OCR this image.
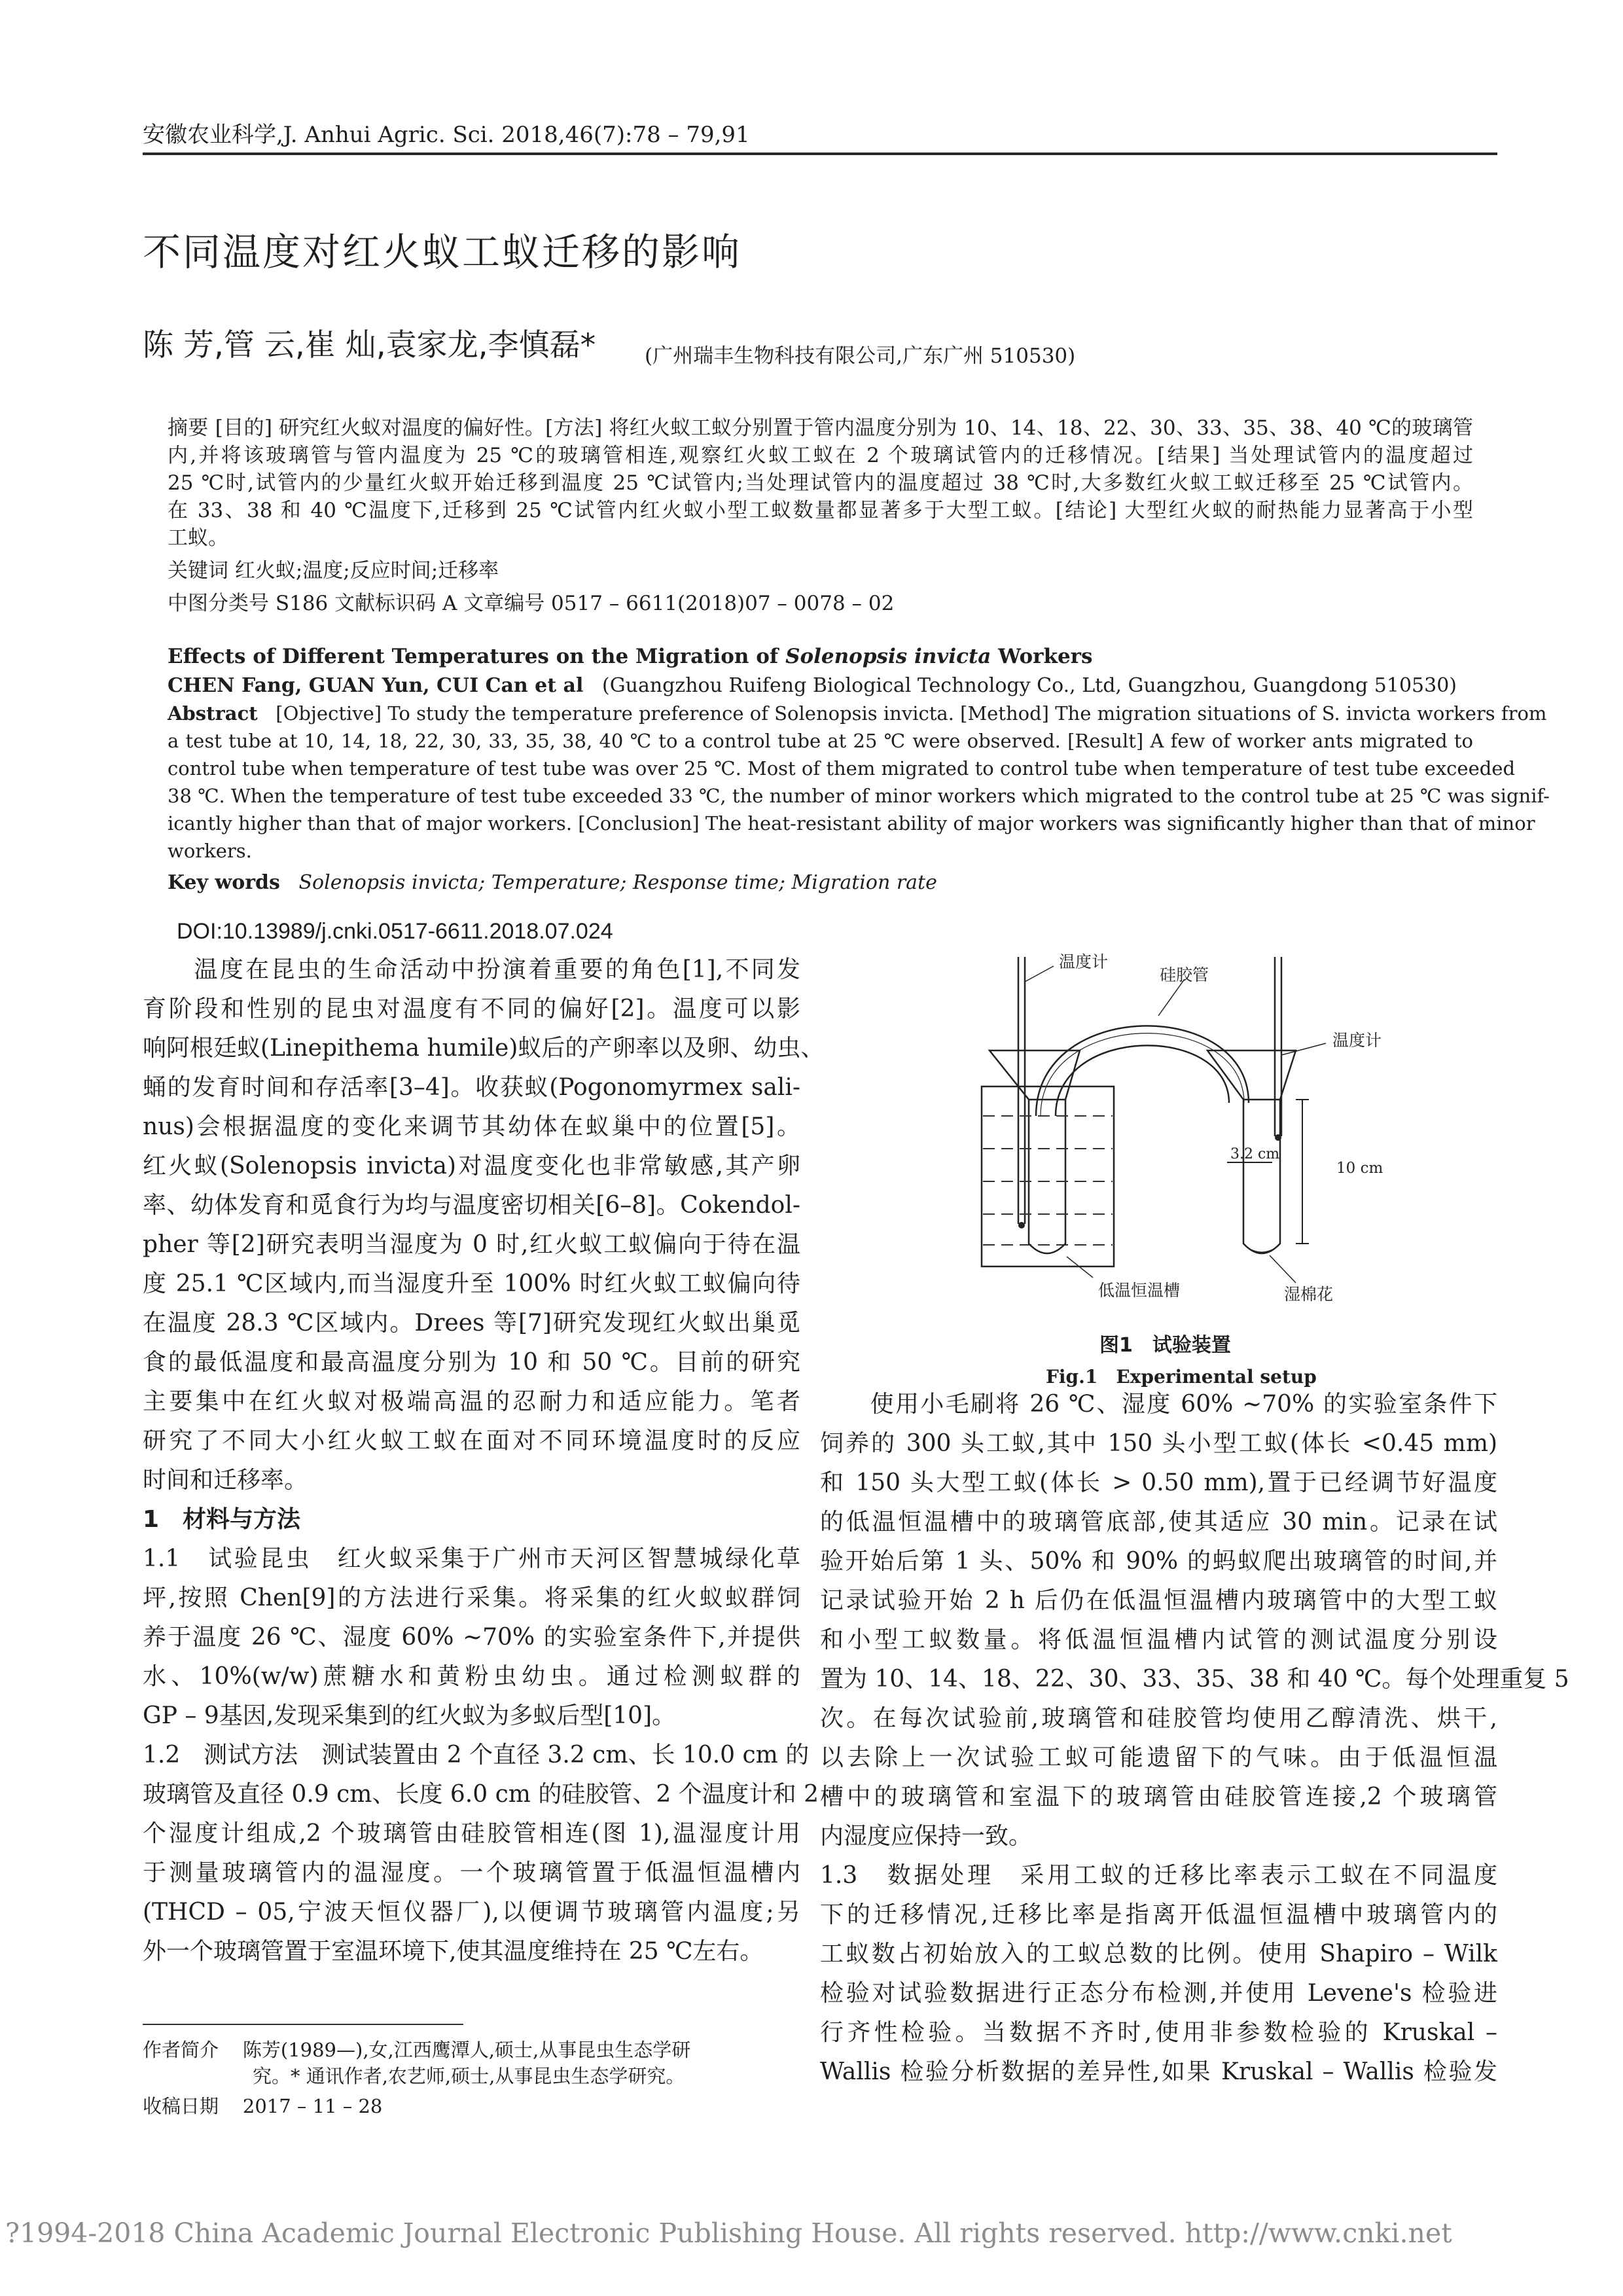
安徽农业科学,J. Anhui Agric. Sci. 2018,46(7):78 – 79,91
不同温度对红火蚁工蚁迁移的影响
陈 芳,管 云,崔 灿,袁家龙,李慎磊* (广州瑞丰生物科技有限公司,广东广州 510530)
摘要 [目的] 研究红火蚁对温度的偏好性。[方法] 将红火蚁工蚁分别置于管内温度分别为 10、14、18、22、30、33、35、38、40 ℃的玻璃管
内,并将该玻璃管与管内温度为 25 ℃的玻璃管相连,观察红火蚁工蚁在 2 个玻璃试管内的迁移情况。[结果] 当处理试管内的温度超过
25 ℃时,试管内的少量红火蚁开始迁移到温度 25 ℃试管内;当处理试管内的温度超过 38 ℃时,大多数红火蚁工蚁迁移至 25 ℃试管内。
在 33、38 和 40 ℃温度下,迁移到 25 ℃试管内红火蚁小型工蚁数量都显著多于大型工蚁。[结论] 大型红火蚁的耐热能力显著高于小型
工蚁。
关键词 红火蚁;温度;反应时间;迁移率
中图分类号 S186 文献标识码 A 文章编号 0517 – 6611(2018)07 – 0078 – 02
Effects of Different Temperatures on the Migration of Solenopsis invicta Workers
CHEN Fang, GUAN Yun, CUI Can et al (Guangzhou Ruifeng Biological Technology Co., Ltd, Guangzhou, Guangdong 510530)
Abstract [Objective] To study the temperature preference of Solenopsis invicta. [Method] The migration situations of S. invicta workers from
a test tube at 10, 14, 18, 22, 30, 33, 35, 38, 40 ℃ to a control tube at 25 ℃ were observed. [Result] A few of worker ants migrated to
control tube when temperature of test tube was over 25 ℃. Most of them migrated to control tube when temperature of test tube exceeded
38 ℃. When the temperature of test tube exceeded 33 ℃, the number of minor workers which migrated to the control tube at 25 ℃ was signif-
icantly higher than that of major workers. [Conclusion] The heat-resistant ability of major workers was significantly higher than that of minor
workers.
Key words Solenopsis invicta; Temperature; Response time; Migration rate
DOI:10.13989/j.cnki.0517-6611.2018.07.024
　　温度在昆虫的生命活动中扮演着重要的角色[1],不同发
育阶段和性别的昆虫对温度有不同的偏好[2]。温度可以影
响阿根廷蚁(Linepithema humile)蚁后的产卵率以及卵、幼虫、
蛹的发育时间和存活率[3–4]。收获蚁(Pogonomyrmex sali-
nus)会根据温度的变化来调节其幼体在蚁巢中的位置[5]。
红火蚁(Solenopsis invicta)对温度变化也非常敏感,其产卵
率、幼体发育和觅食行为均与温度密切相关[6–8]。Cokendol-
pher 等[2]研究表明当湿度为 0 时,红火蚁工蚁偏向于待在温
度 25.1 ℃区域内,而当湿度升至 100% 时红火蚁工蚁偏向待
在温度 28.3 ℃区域内。Drees 等[7]研究发现红火蚁出巢觅
食的最低温度和最高温度分别为 10 和 50 ℃。目前的研究
主要集中在红火蚁对极端高温的忍耐力和适应能力。笔者
研究了不同大小红火蚁工蚁在面对不同环境温度时的反应
时间和迁移率。
1　材料与方法
1.1　试验昆虫　红火蚁采集于广州市天河区智慧城绿化草
坪,按照 Chen[9]的方法进行采集。将采集的红火蚁蚁群饲
养于温度 26 ℃、湿度 60% ~70% 的实验室条件下,并提供
水、10%(w/w)蔗糖水和黄粉虫幼虫。通过检测蚁群的
GP – 9基因,发现采集到的红火蚁为多蚁后型[10]。
1.2　测试方法　测试装置由 2 个直径 3.2 cm、长 10.0 cm 的
玻璃管及直径 0.9 cm、长度 6.0 cm 的硅胶管、2 个温度计和 2
个湿度计组成,2 个玻璃管由硅胶管相连(图 1),温湿度计用
于测量玻璃管内的温湿度。一个玻璃管置于低温恒温槽内
(THCD – 05,宁波天恒仪器厂),以便调节玻璃管内温度;另
外一个玻璃管置于室温环境下,使其温度维持在 25 ℃左右。
温度计
硅胶管
温度计
3.2 cm
10 cm
低温恒温槽	湿棉花
图1　试验装置
Fig.1　Experimental setup
　　使用小毛刷将 26 ℃、湿度 60% ~70% 的实验室条件下
饲养的 300 头工蚁,其中 150 头小型工蚁(体长 <0.45 mm)
和 150 头大型工蚁(体长 > 0.50 mm),置于已经调节好温度
的低温恒温槽中的玻璃管底部,使其适应 30 min。记录在试
验开始后第 1 头、50% 和 90% 的蚂蚁爬出玻璃管的时间,并
记录试验开始 2 h 后仍在低温恒温槽内玻璃管中的大型工蚁
和小型工蚁数量。将低温恒温槽内试管的测试温度分别设
置为 10、14、18、22、30、33、35、38 和 40 ℃。每个处理重复 5
次。在每次试验前,玻璃管和硅胶管均使用乙醇清洗、烘干,
以去除上一次试验工蚁可能遗留下的气味。由于低温恒温
槽中的玻璃管和室温下的玻璃管由硅胶管连接,2 个玻璃管
内湿度应保持一致。
1.3　数据处理　采用工蚁的迁移比率表示工蚁在不同温度
下的迁移情况,迁移比率是指离开低温恒温槽中玻璃管内的
工蚁数占初始放入的工蚁总数的比例。使用 Shapiro – Wilk
检验对试验数据进行正态分布检测,并使用 Levene's 检验进
行齐性检验。当数据不齐时,使用非参数检验的 Kruskal –
Wallis 检验分析数据的差异性,如果 Kruskal – Wallis 检验发
作者简介 陈芳(1989—),女,江西鹰潭人,硕士,从事昆虫生态学研
究。* 通讯作者,农艺师,硕士,从事昆虫生态学研究。
收稿日期 2017 – 11 – 28
?1994-2018 China Academic Journal Electronic Publishing House. All rights reserved. http://www.cnki.net
